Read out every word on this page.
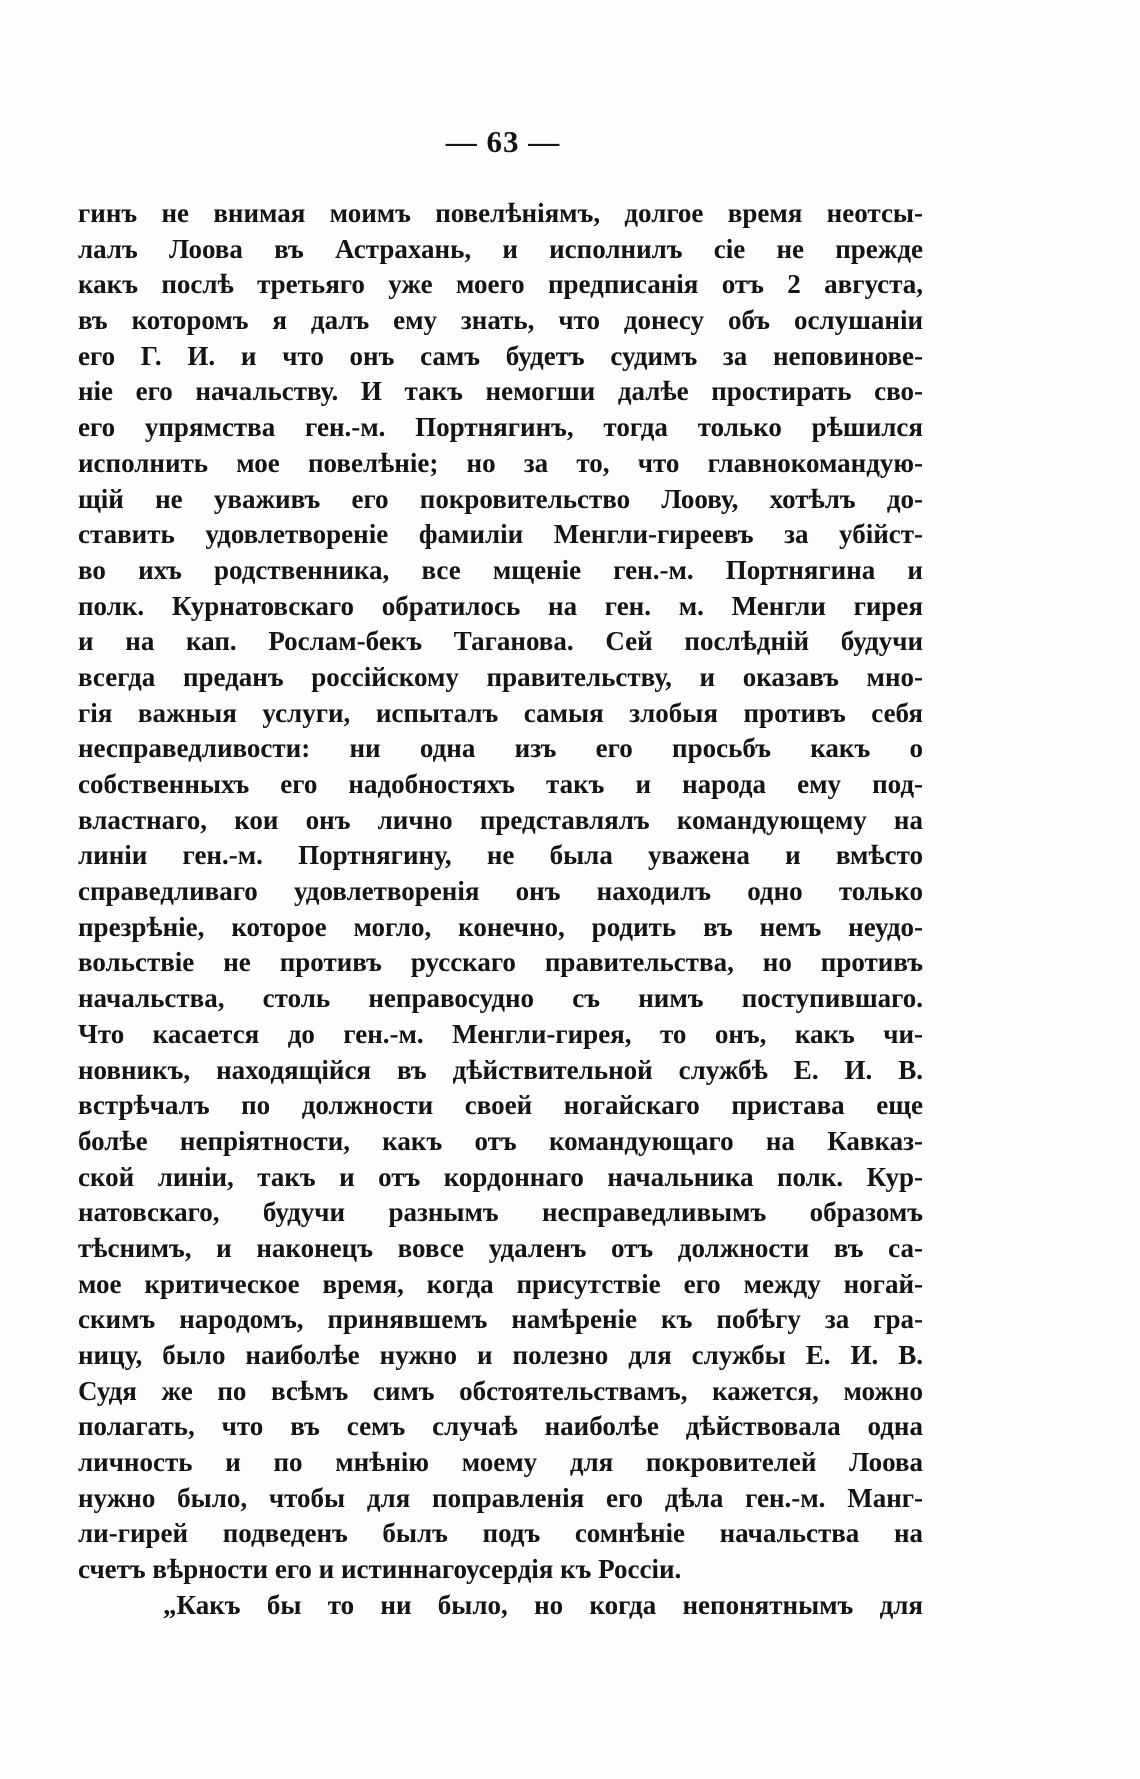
— 63 —
гинъ не внимая моимъ повелѣніямъ, долгое время неотсы-
лалъ Лоова въ Астрахань, и исполнилъ сіе не прежде
какъ послѣ третьяго уже моего предписанія отъ 2 августа,
въ которомъ я далъ ему знать, что донесу объ ослушаніи
его Г. И. и что онъ самъ будетъ судимъ за неповинове-
ніе его начальству. И такъ немогши далѣе простирать сво-
его упрямства ген.-м. Портнягинъ, тогда только рѣшился
исполнить мое повелѣніе; но за то, что главнокомандую-
щій не уваживъ его покровительство Лоову, хотѣлъ до-
ставить удовлетвореніе фамиліи Менгли-гиреевъ за убійст-
во ихъ родственника, все мщеніе ген.-м. Портнягина и
полк. Курнатовскаго обратилось на ген. м. Менгли гирея
и на кап. Рослам-бекъ Таганова. Сей послѣдній будучи
всегда преданъ россійскому правительству, и оказавъ мно-
гія важныя услуги, испыталъ самыя злобыя противъ себя
несправедливости: ни одна изъ его просьбъ какъ о
собственныхъ его надобностяхъ такъ и народа ему под-
властнаго, кои онъ лично представлялъ командующему на
линіи ген.-м. Портнягину, не была уважена и вмѣсто
справедливаго удовлетворенія онъ находилъ одно только
презрѣніе, которое могло, конечно, родить въ немъ неудо-
вольствіе не противъ русскаго правительства, но противъ
начальства, столь неправосудно съ нимъ поступившаго.
Что касается до ген.-м. Менгли-гирея, то онъ, какъ чи-
новникъ, находящійся въ дѣйствительной службѣ Е. И. В.
встрѣчалъ по должности своей ногайскаго пристава еще
болѣе непріятности, какъ отъ командующаго на Кавказ-
ской линіи, такъ и отъ кордоннаго начальника полк. Кур-
натовскаго, будучи разнымъ несправедливымъ образомъ
тѣснимъ, и наконецъ вовсе удаленъ отъ должности въ са-
мое критическое время, когда присутствіе его между ногай-
скимъ народомъ, принявшемъ намѣреніе къ побѣгу за гра-
ницу, было наиболѣе нужно и полезно для службы Е. И. В.
Судя же по всѣмъ симъ обстоятельствамъ, кажется, можно
полагать, что въ семъ случаѣ наиболѣе дѣйствовала одна
личность и по мнѣнію моему для покровителей Лоова
нужно было, чтобы для поправленія его дѣла ген.-м. Манг-
ли-гирей подведенъ былъ подъ сомнѣніе начальства на
счетъ вѣрности его и истиннагоусердія къ Россіи.
„Какъ бы то ни было, но когда непонятнымъ для
